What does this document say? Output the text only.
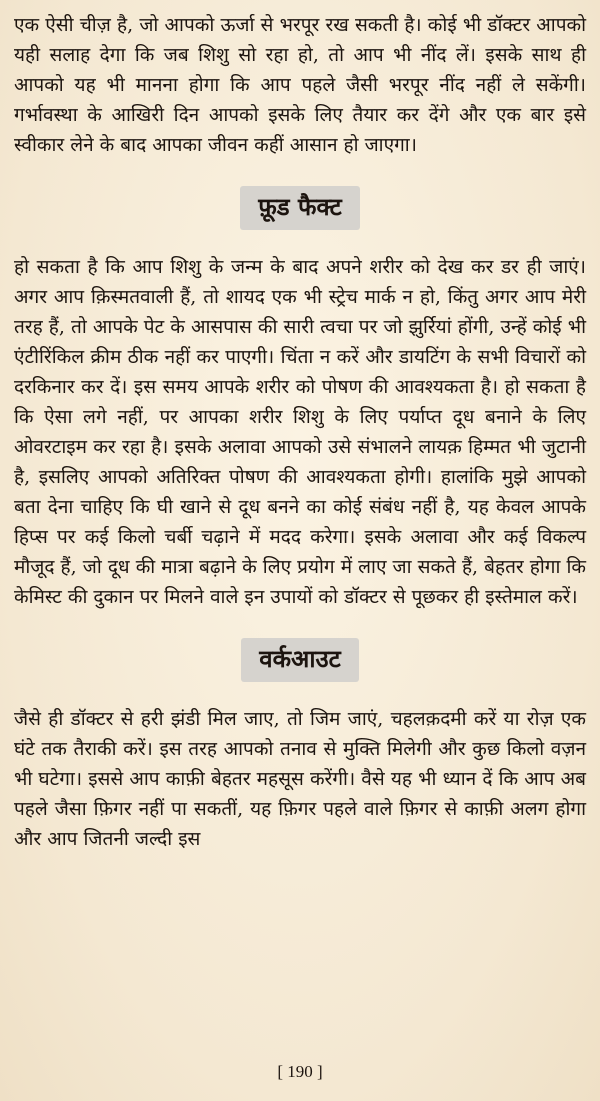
एक ऐसी चीज़ है, जो आपको ऊर्जा से भरपूर रख सकती है। कोई भी डॉक्टर आपको यही सलाह देगा कि जब शिशु सो रहा हो, तो आप भी नींद लें। इसके साथ ही आपको यह भी मानना होगा कि आप पहले जैसी भरपूर नींद नहीं ले सकेंगी। गर्भावस्था के आखिरी दिन आपको इसके लिए तैयार कर देंगे और एक बार इसे स्वीकार लेने के बाद आपका जीवन कहीं आसान हो जाएगा।

फ़ूड फैक्ट

हो सकता है कि आप शिशु के जन्म के बाद अपने शरीर को देख कर डर ही जाएं। अगर आप क़िस्मतवाली हैं, तो शायद एक भी स्ट्रेच मार्क न हो, किंतु अगर आप मेरी तरह हैं, तो आपके पेट के आसपास की सारी त्वचा पर जो झुर्रियां होंगी, उन्हें कोई भी एंटीरिंकिल क्रीम ठीक नहीं कर पाएगी। चिंता न करें और डायटिंग के सभी विचारों को दरकिनार कर दें। इस समय आपके शरीर को पोषण की आवश्यकता है। हो सकता है कि ऐसा लगे नहीं, पर आपका शरीर शिशु के लिए पर्याप्त दूध बनाने के लिए ओवरटाइम कर रहा है। इसके अलावा आपको उसे संभालने लायक़ हिम्मत भी जुटानी है, इसलिए आपको अतिरिक्त पोषण की आवश्यकता होगी। हालांकि मुझे आपको बता देना चाहिए कि घी खाने से दूध बनने का कोई संबंध नहीं है, यह केवल आपके हिप्स पर कई किलो चर्बी चढ़ाने में मदद करेगा। इसके अलावा और कई विकल्प मौजूद हैं, जो दूध की मात्रा बढ़ाने के लिए प्रयोग में लाए जा सकते हैं, बेहतर होगा कि केमिस्ट की दुकान पर मिलने वाले इन उपायों को डॉक्टर से पूछकर ही इस्तेमाल करें।

वर्कआउट

जैसे ही डॉक्टर से हरी झंडी मिल जाए, तो जिम जाएं, चहलक़दमी करें या रोज़ एक घंटे तक तैराकी करें। इस तरह आपको तनाव से मुक्ति मिलेगी और कुछ किलो वज़न भी घटेगा। इससे आप काफ़ी बेहतर महसूस करेंगी। वैसे यह भी ध्यान दें कि आप अब पहले जैसा फ़िगर नहीं पा सकतीं, यह फ़िगर पहले वाले फ़िगर से काफ़ी अलग होगा और आप जितनी जल्दी इस

[ 190 ]
